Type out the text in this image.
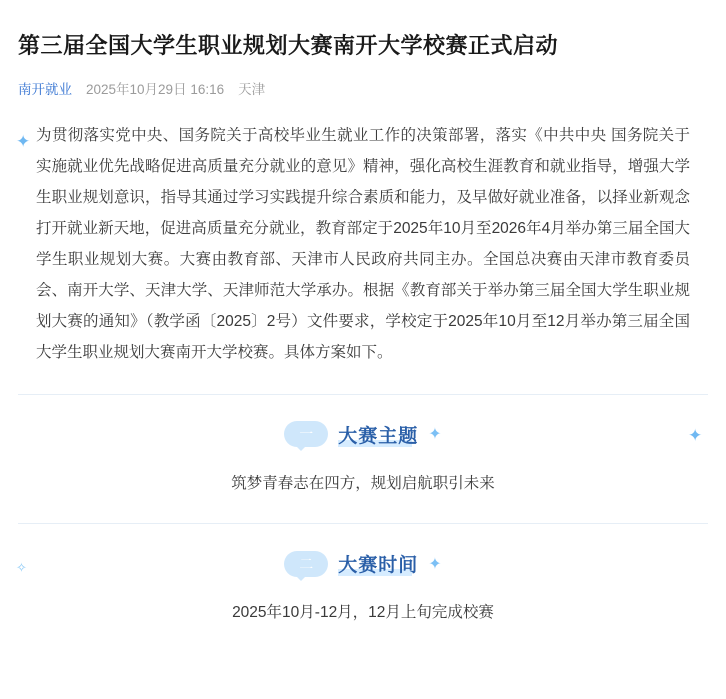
第三届全国大学生职业规划大赛南开大学校赛正式启动
南开就业 2025年10月29日 16:16 天津
✦
✦
✧

为贯彻落实党中央、国务院关于高校毕业生就业工作的决策部署，落实《中共中央 国务院关于实施就业优先战略促进高质量充分就业的意见》精神，强化高校生涯教育和就业指导，增强大学生职业规划意识，指导其通过学习实践提升综合素质和能力，及早做好就业准备，以择业新观念打开就业新天地，促进高质量充分就业，教育部定于2025年10月至2026年4月举办第三届全国大学生职业规划大赛。大赛由教育部、天津市人民政府共同主办。全国总决赛由天津市教育委员会、南开大学、天津大学、天津师范大学承办。根据《教育部关于举办第三届全国大学生职业规划大赛的通知》（教学函〔2025〕2号）文件要求，学校定于2025年10月至12月举办第三届全国大学生职业规划大赛南开大学校赛。具体方案如下。

一	大赛主题 ✦
筑梦青春志在四方，规划启航职引未来
二	大赛时间 ✦
2025年10月-12月，12月上旬完成校赛
